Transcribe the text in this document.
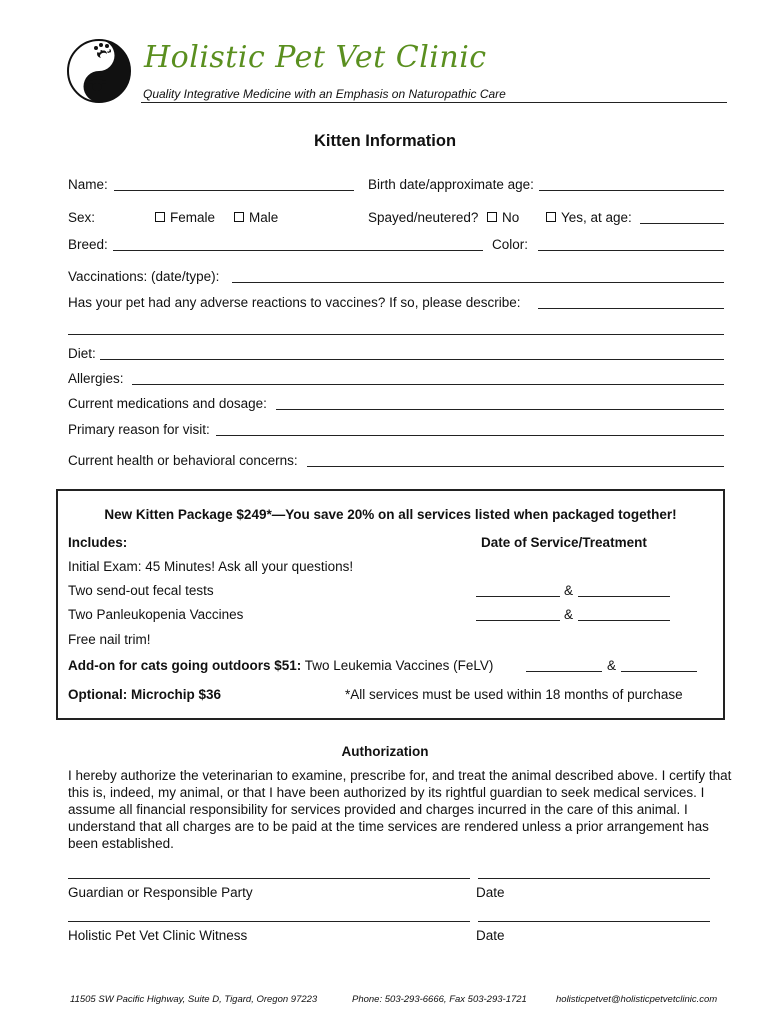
Holistic Pet Vet Clinic
Quality Integrative Medicine with an Emphasis on Naturopathic Care
Kitten Information
Name:	Birth date/approximate age:
Sex:	Female	Male	Spayed/neutered?	No	Yes, at age:
Breed:	Color:
Vaccinations: (date/type):
Has your pet had any adverse reactions to vaccines? If so, please describe:
Diet:
Allergies:
Current medications and dosage:
Primary reason for visit:
Current health or behavioral concerns:
New Kitten Package $249*—You save 20% on all services listed when packaged together!
Includes:	Date of Service/Treatment
Initial Exam: 45 Minutes! Ask all your questions!
Two send-out fecal tests	&
Two Panleukopenia Vaccines	&
Free nail trim!
Add-on for cats going outdoors $51: Two Leukemia Vaccines (FeLV)	&
Optional: Microchip $36	*All services must be used within 18 months of purchase
Authorization
I hereby authorize the veterinarian to examine, prescribe for, and treat the animal described above. I certify that this is, indeed, my animal, or that I have been authorized by its rightful guardian to seek medical services. I assume all financial responsibility for services provided and charges incurred in the care of this animal. I understand that all charges are to be paid at the time services are rendered unless a prior arrangement has been established.
Guardian or Responsible Party	Date
Holistic Pet Vet Clinic Witness	Date
11505 SW Pacific Highway, Suite D, Tigard, Oregon 97223	Phone: 503-293-6666, Fax 503-293-1721	holisticpetvet@holisticpetvetclinic.com
